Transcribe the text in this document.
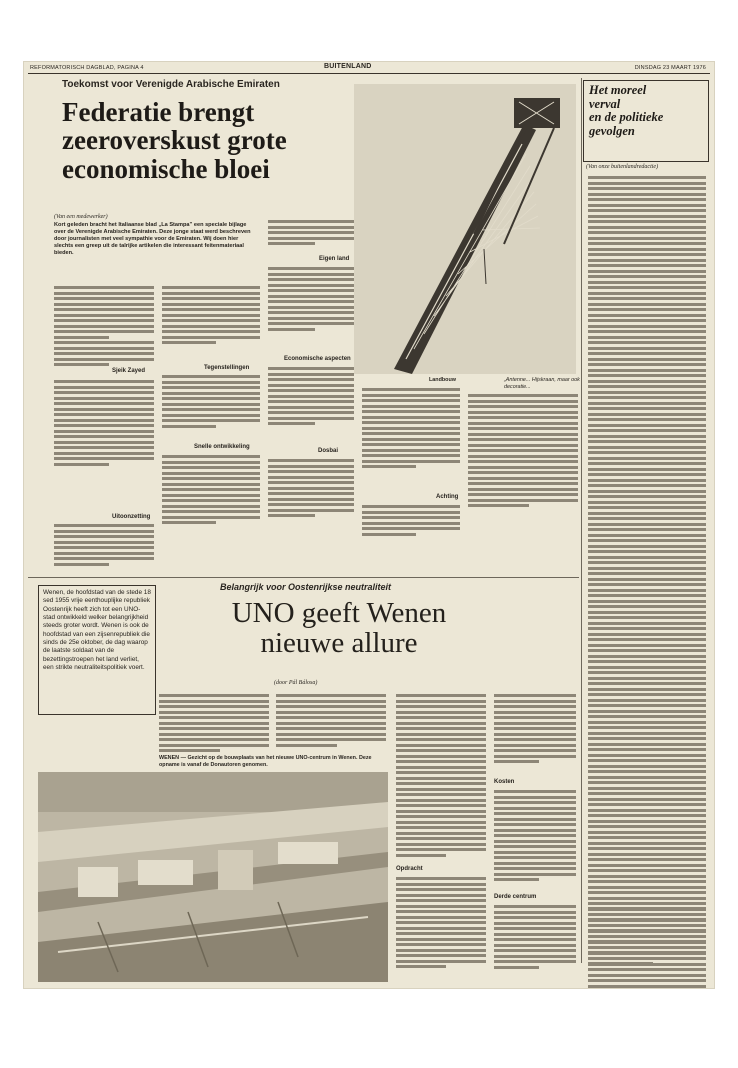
REFORMATORISCH DAGBLAD, PAGINA 4	BUITENLAND	DINSDAG 23 MAART 1976
Toekomst voor Verenigde Arabische Emiraten
Federatie brengt
zeeroverskust grote
economische bloei
(Van een medewerker)
Kort geleden bracht het Italiaanse blad „La Stampa” een speciale bijlage over de Verenigde Arabische Emiraten. Deze jonge staat werd beschreven door journalisten met veel sympathie voor de Emiraten. Wij doen hier slechts een greep uit de talrijke artikelen die interessant feitenmateriaal bieden.
Landbouw	„Antenne... Hijskraan, maar ook decoratie...
Sjeik Zayed
Uitoonzetting
Tegenstellingen
Snelle ontwikkeling
Eigen land
Economische aspecten
Dosbai
Achting
Het moreel
verval
en de politieke
gevolgen
(Van onze buitenlandredactie)
Wenen, de hoofdstad van de stede 18 sed 1955 vrije eenthouplijke republiek Oostenrijk heeft zich tot een UNO-stad ontwikkeld welker belangrijkheid steeds groter wordt. Wenen is ook de hoofdstad van een zijsenrepubliek die sinds de 25e oktober, de dag waarop de laatste soldaat van de bezettingstroepen het land verliet, een strikte neutraliteitspolitiek voert.
Belangrijk voor Oostenrijkse neutraliteit
UNO geeft Wenen
nieuwe allure
(door Pál Bálosa)
WENEN — Gezicht op de bouwplaats van het nieuwe UNO-centrum in Wenen. Deze opname is vanaf de Donautoren genomen.
Opdracht
Kosten
Derde centrum
